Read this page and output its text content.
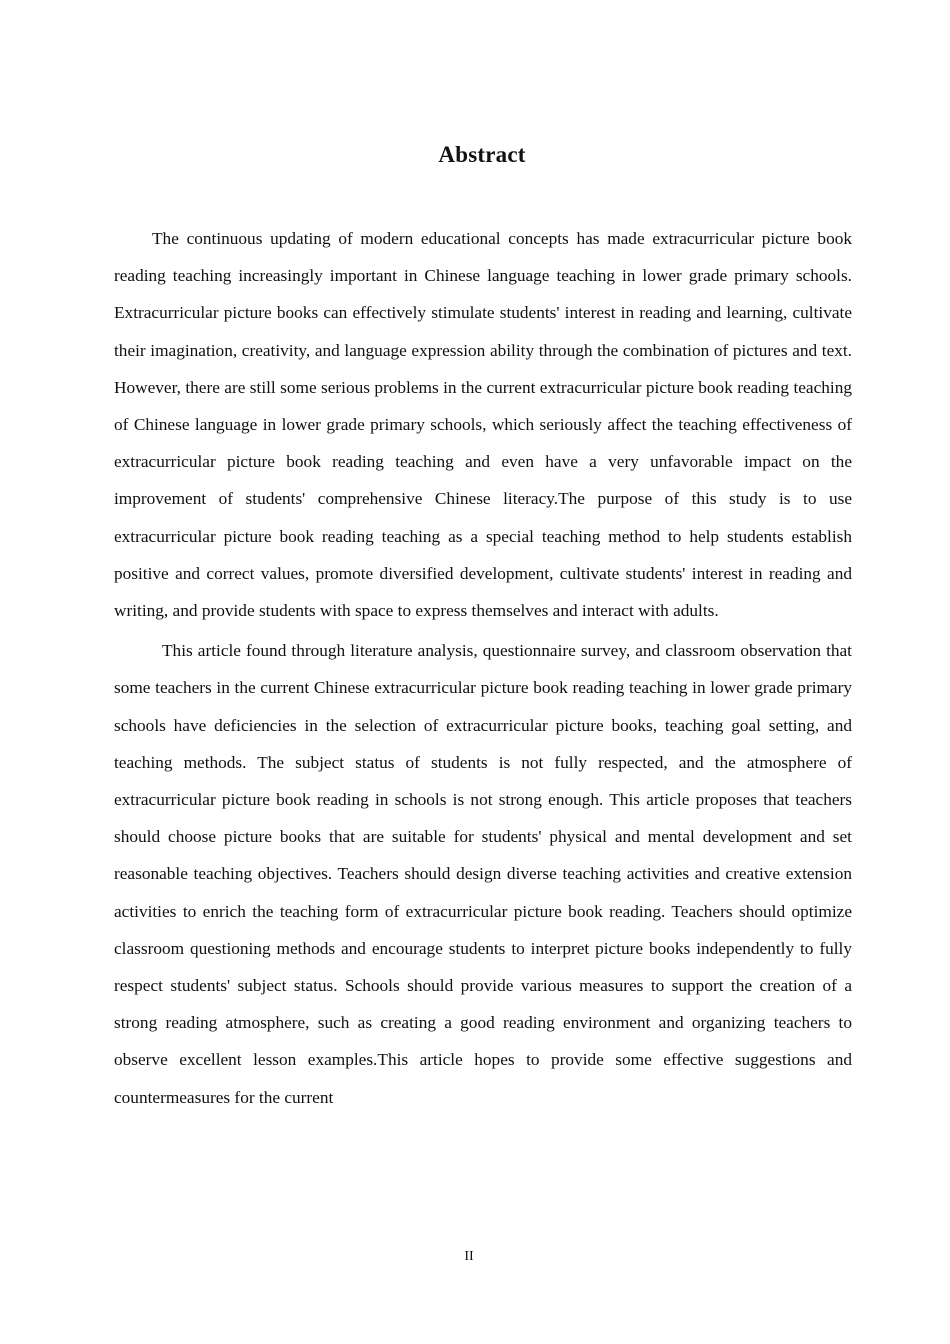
Abstract

The continuous updating of modern educational concepts has made extracurricular picture book reading teaching increasingly important in Chinese language teaching in lower grade primary schools. Extracurricular picture books can effectively stimulate students' interest in reading and learning, cultivate their imagination, creativity, and language expression ability through the combination of pictures and text. However, there are still some serious problems in the current extracurricular picture book reading teaching of Chinese language in lower grade primary schools, which seriously affect the teaching effectiveness of extracurricular picture book reading teaching and even have a very unfavorable impact on the improvement of students' comprehensive Chinese literacy.The purpose of this study is to use extracurricular picture book reading teaching as a special teaching method to help students establish positive and correct values, promote diversified development, cultivate students' interest in reading and writing, and provide students with space to express themselves and interact with adults.

This article found through literature analysis, questionnaire survey, and classroom observation that some teachers in the current Chinese extracurricular picture book reading teaching in lower grade primary schools have deficiencies in the selection of extracurricular picture books, teaching goal setting, and teaching methods. The subject status of students is not fully respected, and the atmosphere of extracurricular picture book reading in schools is not strong enough. This article proposes that teachers should choose picture books that are suitable for students' physical and mental development and set reasonable teaching objectives. Teachers should design diverse teaching activities and creative extension activities to enrich the teaching form of extracurricular picture book reading. Teachers should optimize classroom questioning methods and encourage students to interpret picture books independently to fully respect students' subject status. Schools should provide various measures to support the creation of a strong reading atmosphere, such as creating a good reading environment and organizing teachers to observe excellent lesson examples.This article hopes to provide some effective suggestions and countermeasures for the current

II
